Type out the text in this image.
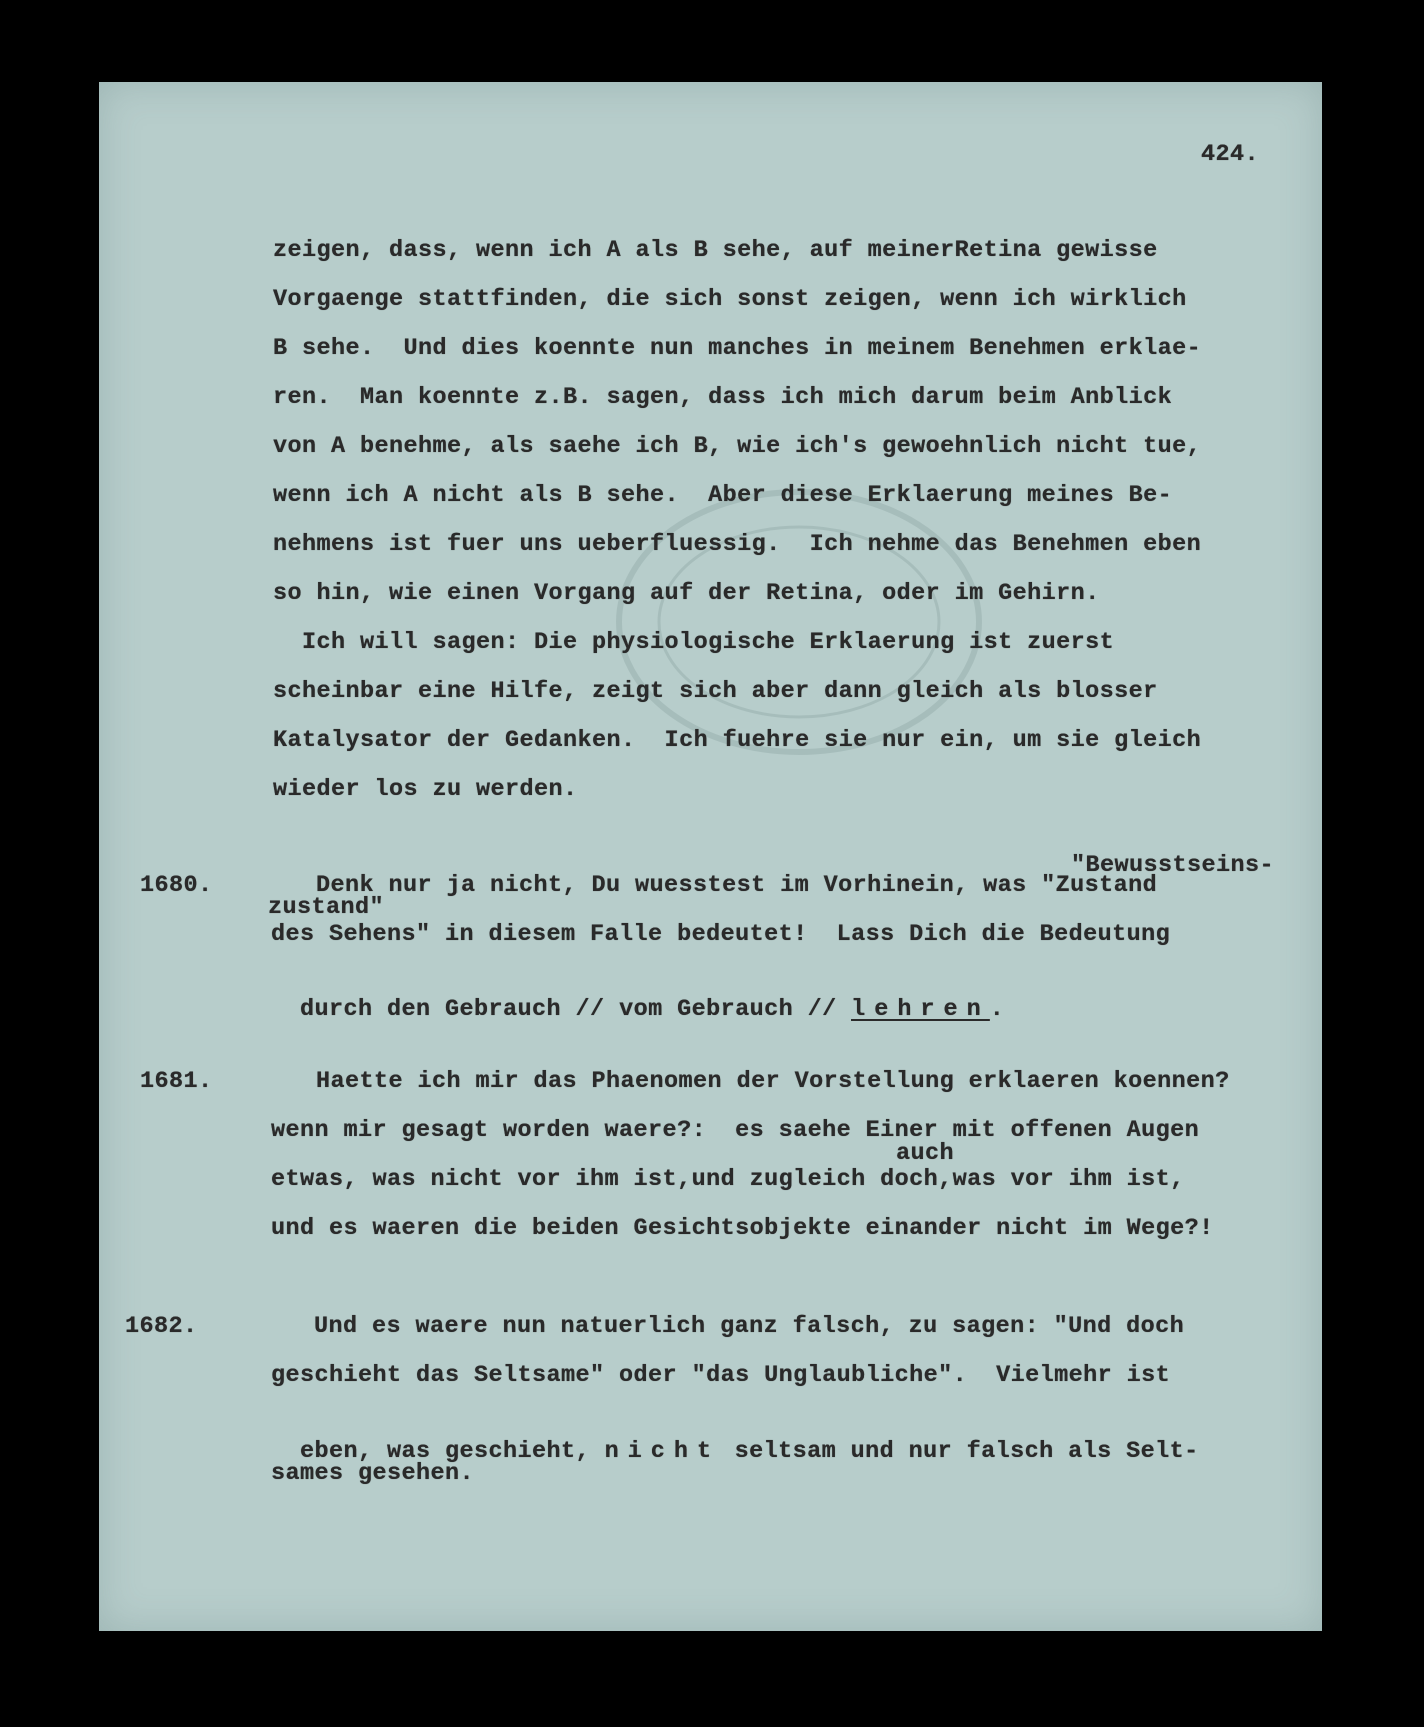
424.
zeigen, dass, wenn ich A als B sehe, auf meinerRetina gewisse
Vorgaenge stattfinden, die sich sonst zeigen, wenn ich wirklich
B sehe.  Und dies koennte nun manches in meinem Benehmen erklae-
ren.  Man koennte z.B. sagen, dass ich mich darum beim Anblick
von A benehme, als saehe ich B, wie ich's gewoehnlich nicht tue,
wenn ich A nicht als B sehe.  Aber diese Erklaerung meines Be-
nehmens ist fuer uns ueberfluessig.  Ich nehme das Benehmen eben
so hin, wie einen Vorgang auf der Retina, oder im Gehirn.
Ich will sagen: Die physiologische Erklaerung ist zuerst
scheinbar eine Hilfe, zeigt sich aber dann gleich als blosser
Katalysator der Gedanken.  Ich fuehre sie nur ein, um sie gleich
wieder los zu werden.
1680.
"Bewusstseins-
Denk nur ja nicht, Du wuesstest im Vorhinein, was "Zustand
zustand"
des Sehens" in diesem Falle bedeutet!  Lass Dich die Bedeutung

durch den Gebrauch // vom Gebrauch // lehren.

1681.	Haette ich mir das Phaenomen der Vorstellung erklaeren koennen?
wenn mir gesagt worden waere?:  es saehe Einer mit offenen Augen
auch
etwas, was nicht vor ihm ist,und zugleich doch,was vor ihm ist,
und es waeren die beiden Gesichtsobjekte einander nicht im Wege?!
1682.	Und es waere nun natuerlich ganz falsch, zu sagen: "Und doch
geschieht das Seltsame" oder "das Unglaubliche".  Vielmehr ist

eben, was geschieht, nicht seltsam und nur falsch als Selt-

sames gesehen.
